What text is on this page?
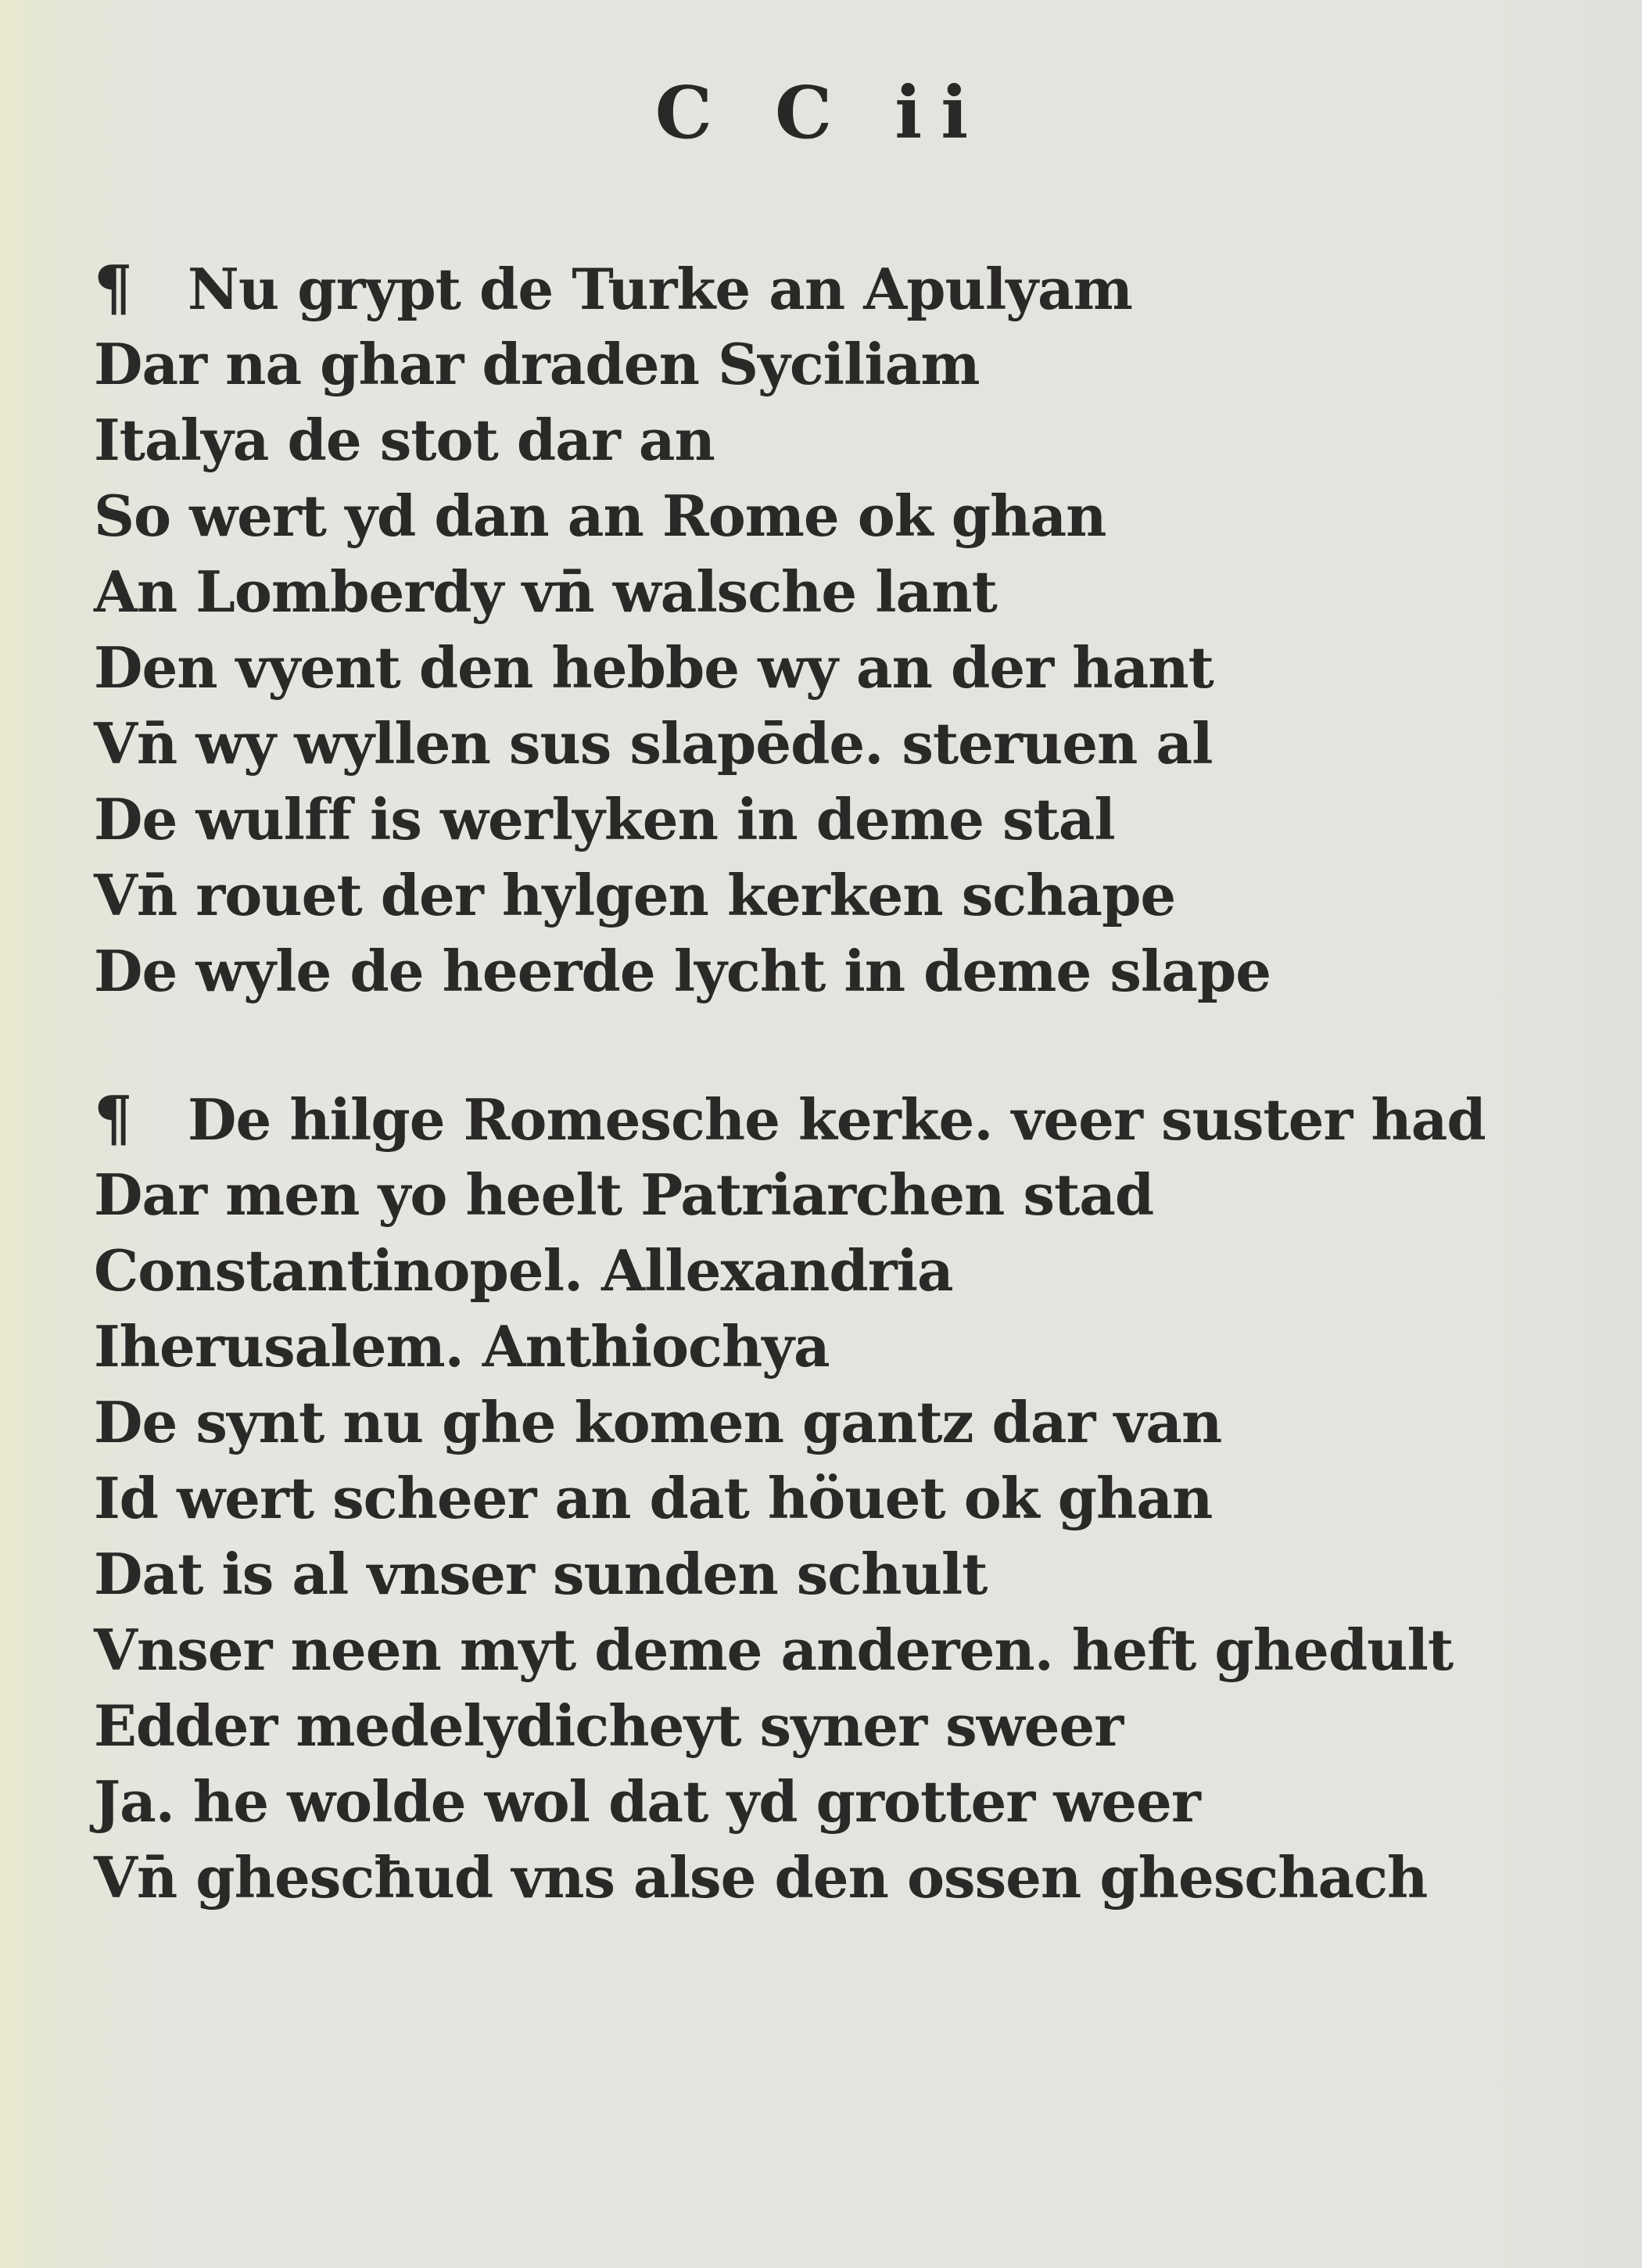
C C ii
¶ Nu grypt de Turke an Apulyam
Dar na ghar draden Syciliam
Italya de stot dar an
So wert yd dan an Rome ok ghan
An Lomberdy vn̄ walsche lant
Den vyent den hebbe wy an der hant
Vn̄ wy wyllen sus slapēde. steruen al
De wulff is werlyken in deme stal
Vn̄ rouet der hylgen kerken schape
De wyle de heerde lycht in deme slape
¶ De hilge Romesche kerke. veer suster had
Dar men yo heelt Patriarchen stad
Constantinopel. Allexandria
Iherusalem. Anthiochya
De synt nu ghe komen gantz dar van
Id wert scheer an dat höuet ok ghan
Dat is al vnser sunden schult
Vnser neen myt deme anderen. heft ghedult
Edder medelydicheyt syner sweer
Ja. he wolde wol dat yd grotter weer
Vn̄ ghescħud vns alse den ossen gheschach
